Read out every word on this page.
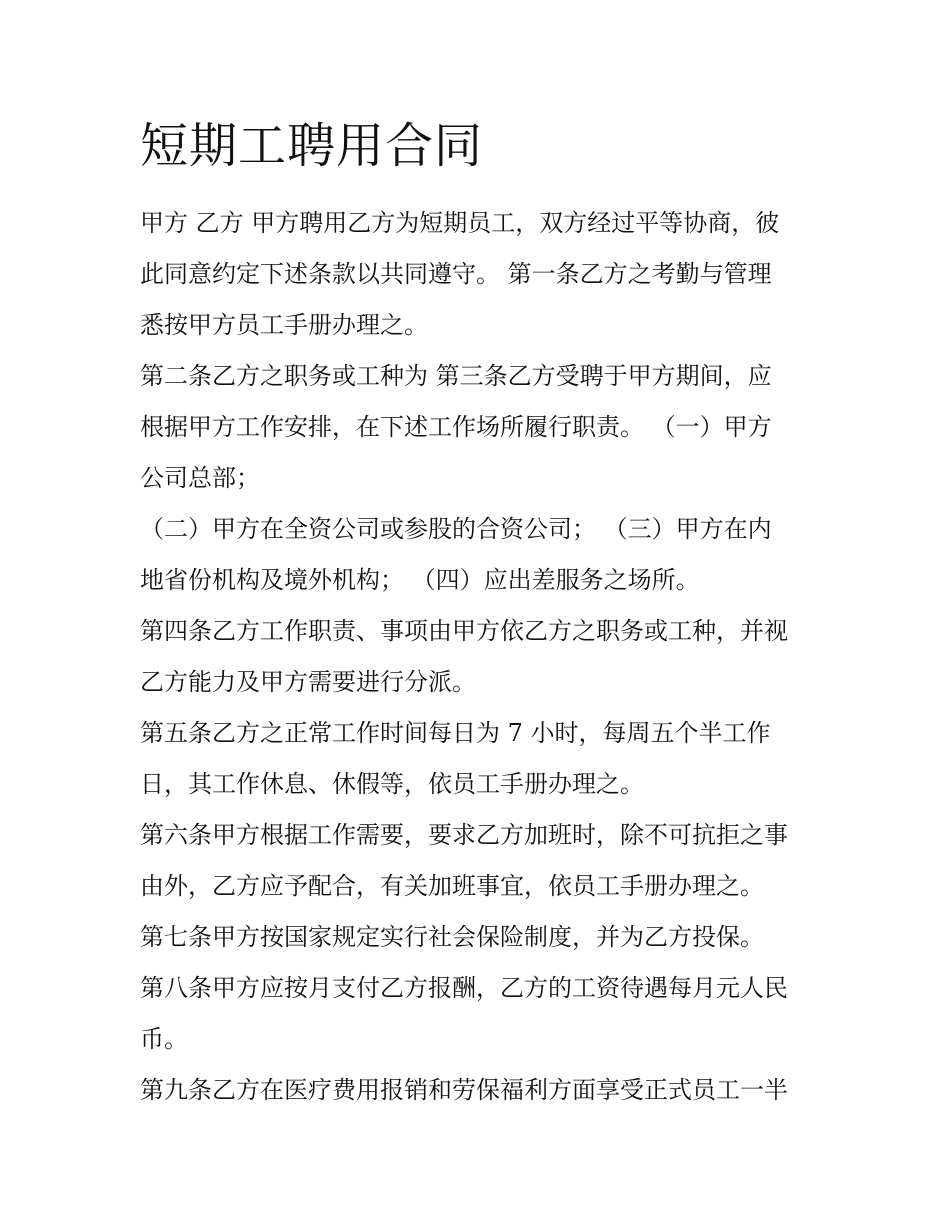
短期工聘用合同
甲方 乙方 甲方聘用乙方为短期员工，双方经过平等协商，彼
此同意约定下述条款以共同遵守。 第一条乙方之考勤与管理
悉按甲方员工手册办理之。
第二条乙方之职务或工种为 第三条乙方受聘于甲方期间，应
根据甲方工作安排，在下述工作场所履行职责。 （一）甲方
公司总部；
（二）甲方在全资公司或参股的合资公司； （三）甲方在内
地省份机构及境外机构； （四）应出差服务之场所。
第四条乙方工作职责、事项由甲方依乙方之职务或工种，并视
乙方能力及甲方需要进行分派。
第五条乙方之正常工作时间每日为 7 小时，每周五个半工作
日，其工作休息、休假等，依员工手册办理之。
第六条甲方根据工作需要，要求乙方加班时，除不可抗拒之事
由外，乙方应予配合，有关加班事宜，依员工手册办理之。
第七条甲方按国家规定实行社会保险制度，并为乙方投保。
第八条甲方应按月支付乙方报酬，乙方的工资待遇每月元人民
币。
第九条乙方在医疗费用报销和劳保福利方面享受正式员工一半
